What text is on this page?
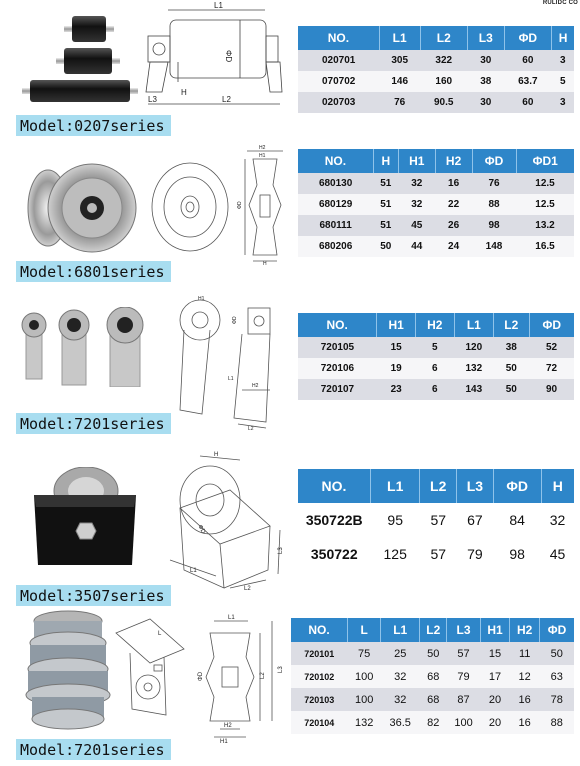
RULIDC CO
L1
ΦD
H
L3	L2
NO.	L1	L2	L3	ΦD	H
020701	305	322	30	60	3
070702	146	160	38	63.7	5
020703	76	90.5	30	60	3
Model:0207series
H2
H1
ΦD
H
NO.	H	H1	H2	ΦD	ΦD1
680130	51	32	16	76	12.5
680129	51	32	22	88	12.5
680111	51	45	26	98	13.2
680206	50	44	24	148	16.5
Model:6801series
H1
ΦD
L1
H2
L2
NO.	H1	H2	L1	L2	ΦD
720105	15	5	120	38	52
720106	19	6	132	50	72
720107	23	6	143	50	90
Model:7201series
H
ΦD
L1
L3
L2
NO.	L1	L2	L3	ΦD	H
350722B	95	57	67	84	32
350722	125	57	79	98	45
Model:3507series
L
L1
ΦD	L2
L3
H2
H1
NO.	L	L1	L2	L3	H1	H2	ΦD
720101	75	25	50	57	15	11	50
720102	100	32	68	79	17	12	63
720103	100	32	68	87	20	16	78
720104	132	36.5	82	100	20	16	88
Model:7201series
